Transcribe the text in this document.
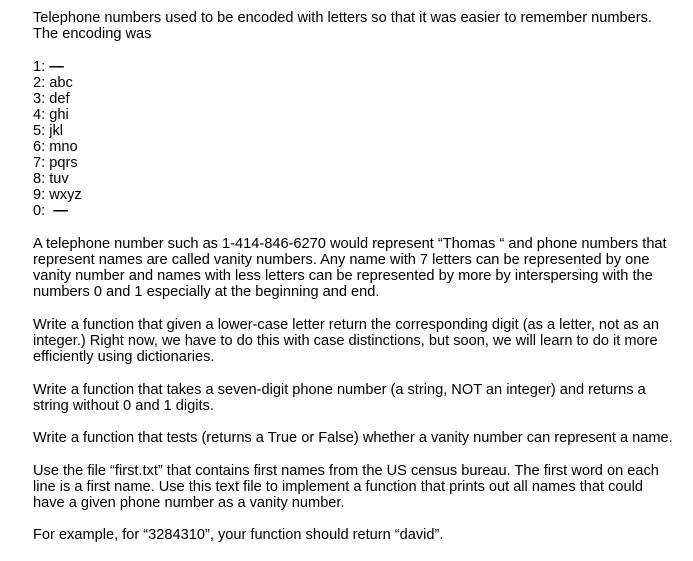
Telephone numbers used to be encoded with letters so that it was easier to remember numbers. The encoding was

1: —
2: abc
3: def
4: ghi
5: jkl
6: mno
7: pqrs
8: tuv
9: wxyz
0: —

A telephone number such as 1-414-846-6270 would represent “Thomas “ and phone numbers that represent names are called vanity numbers. Any name with 7 letters can be represented by one vanity number and names with less letters can be represented by more by interspersing with the numbers 0 and 1 especially at the beginning and end.

Write a function that given a lower-case letter return the corresponding digit (as a letter, not as an integer.) Right now, we have to do this with case distinctions, but soon, we will learn to do it more efficiently using dictionaries.

Write a function that takes a seven-digit phone number (a string, NOT an integer) and returns a string without 0 and 1 digits.

Write a function that tests (returns a True or False) whether a vanity number can represent a name.

Use the file “first.txt” that contains first names from the US census bureau. The first word on each line is a first name. Use this text file to implement a function that prints out all names that could have a given phone number as a vanity number.

For example, for “3284310”, your function should return “david”.
